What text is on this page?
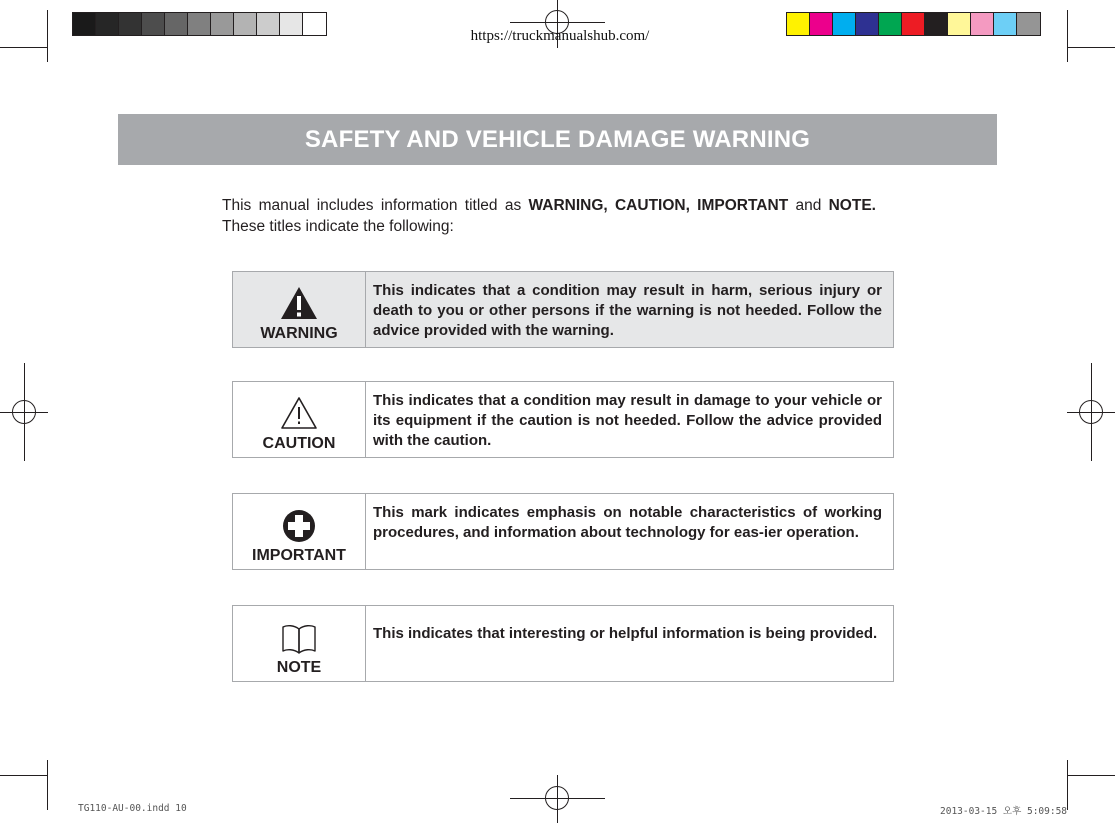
https://truckmanualshub.com/
SAFETY AND VEHICLE DAMAGE WARNING
This manual includes information titled as WARNING, CAUTION, IMPORTANT and NOTE. These titles indicate the following:
WARNING
This indicates that a condition may result in harm, serious injury or death to you or other persons if the warning is not heeded. Follow the advice provided with the warning.
CAUTION
This indicates that a condition may result in damage to your vehicle or its equipment if the caution is not heeded. Follow the advice provided with the caution.
IMPORTANT
This mark indicates emphasis on notable characteristics of working procedures, and information about technology for eas-ier operation.
NOTE
This indicates that interesting or helpful information is being provided.
TG110-AU-00.indd 10	2013-03-15 오후 5:09:58
